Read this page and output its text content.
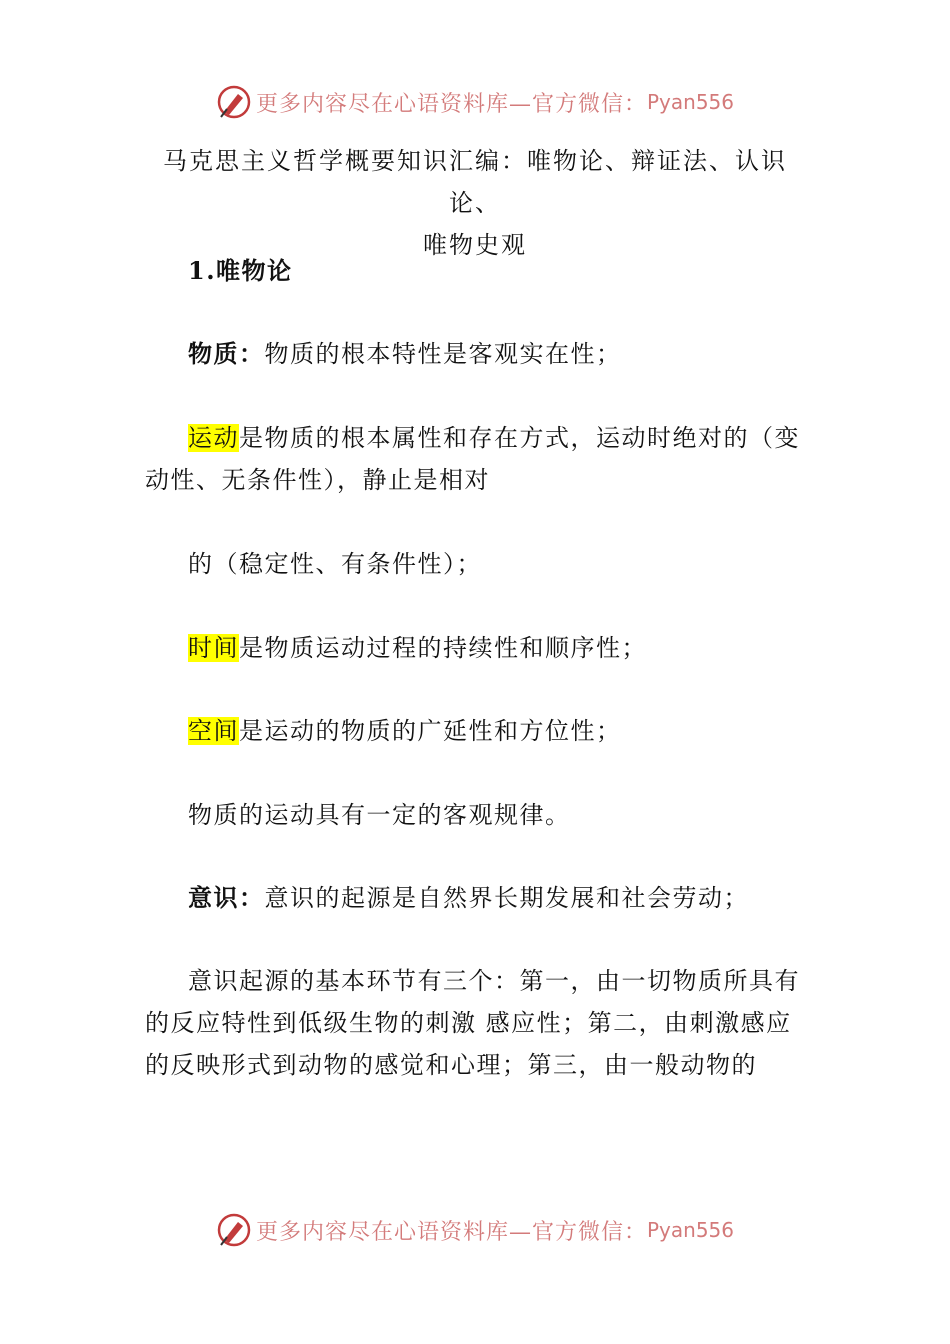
更多内容尽在心语资料库—官方微信： Pyan556
马克思主义哲学概要知识汇编：唯物论、辩证法、认识论、
唯物史观
1.唯物论
物质：物质的根本特性是客观实在性；
运动是物质的根本属性和存在方式，运动时绝对的（变动性、无条件性），静止是相对
的（稳定性、有条件性）；
时间是物质运动过程的持续性和顺序性；
空间是运动的物质的广延性和方位性；
物质的运动具有一定的客观规律。
意识：意识的起源是自然界长期发展和社会劳动；
意识起源的基本环节有三个：第一，由一切物质所具有的反应特性到低级生物的刺激 感应性；第二，由刺激感应的反映形式到动物的感觉和心理；第三，由一般动物的
更多内容尽在心语资料库—官方微信： Pyan556
